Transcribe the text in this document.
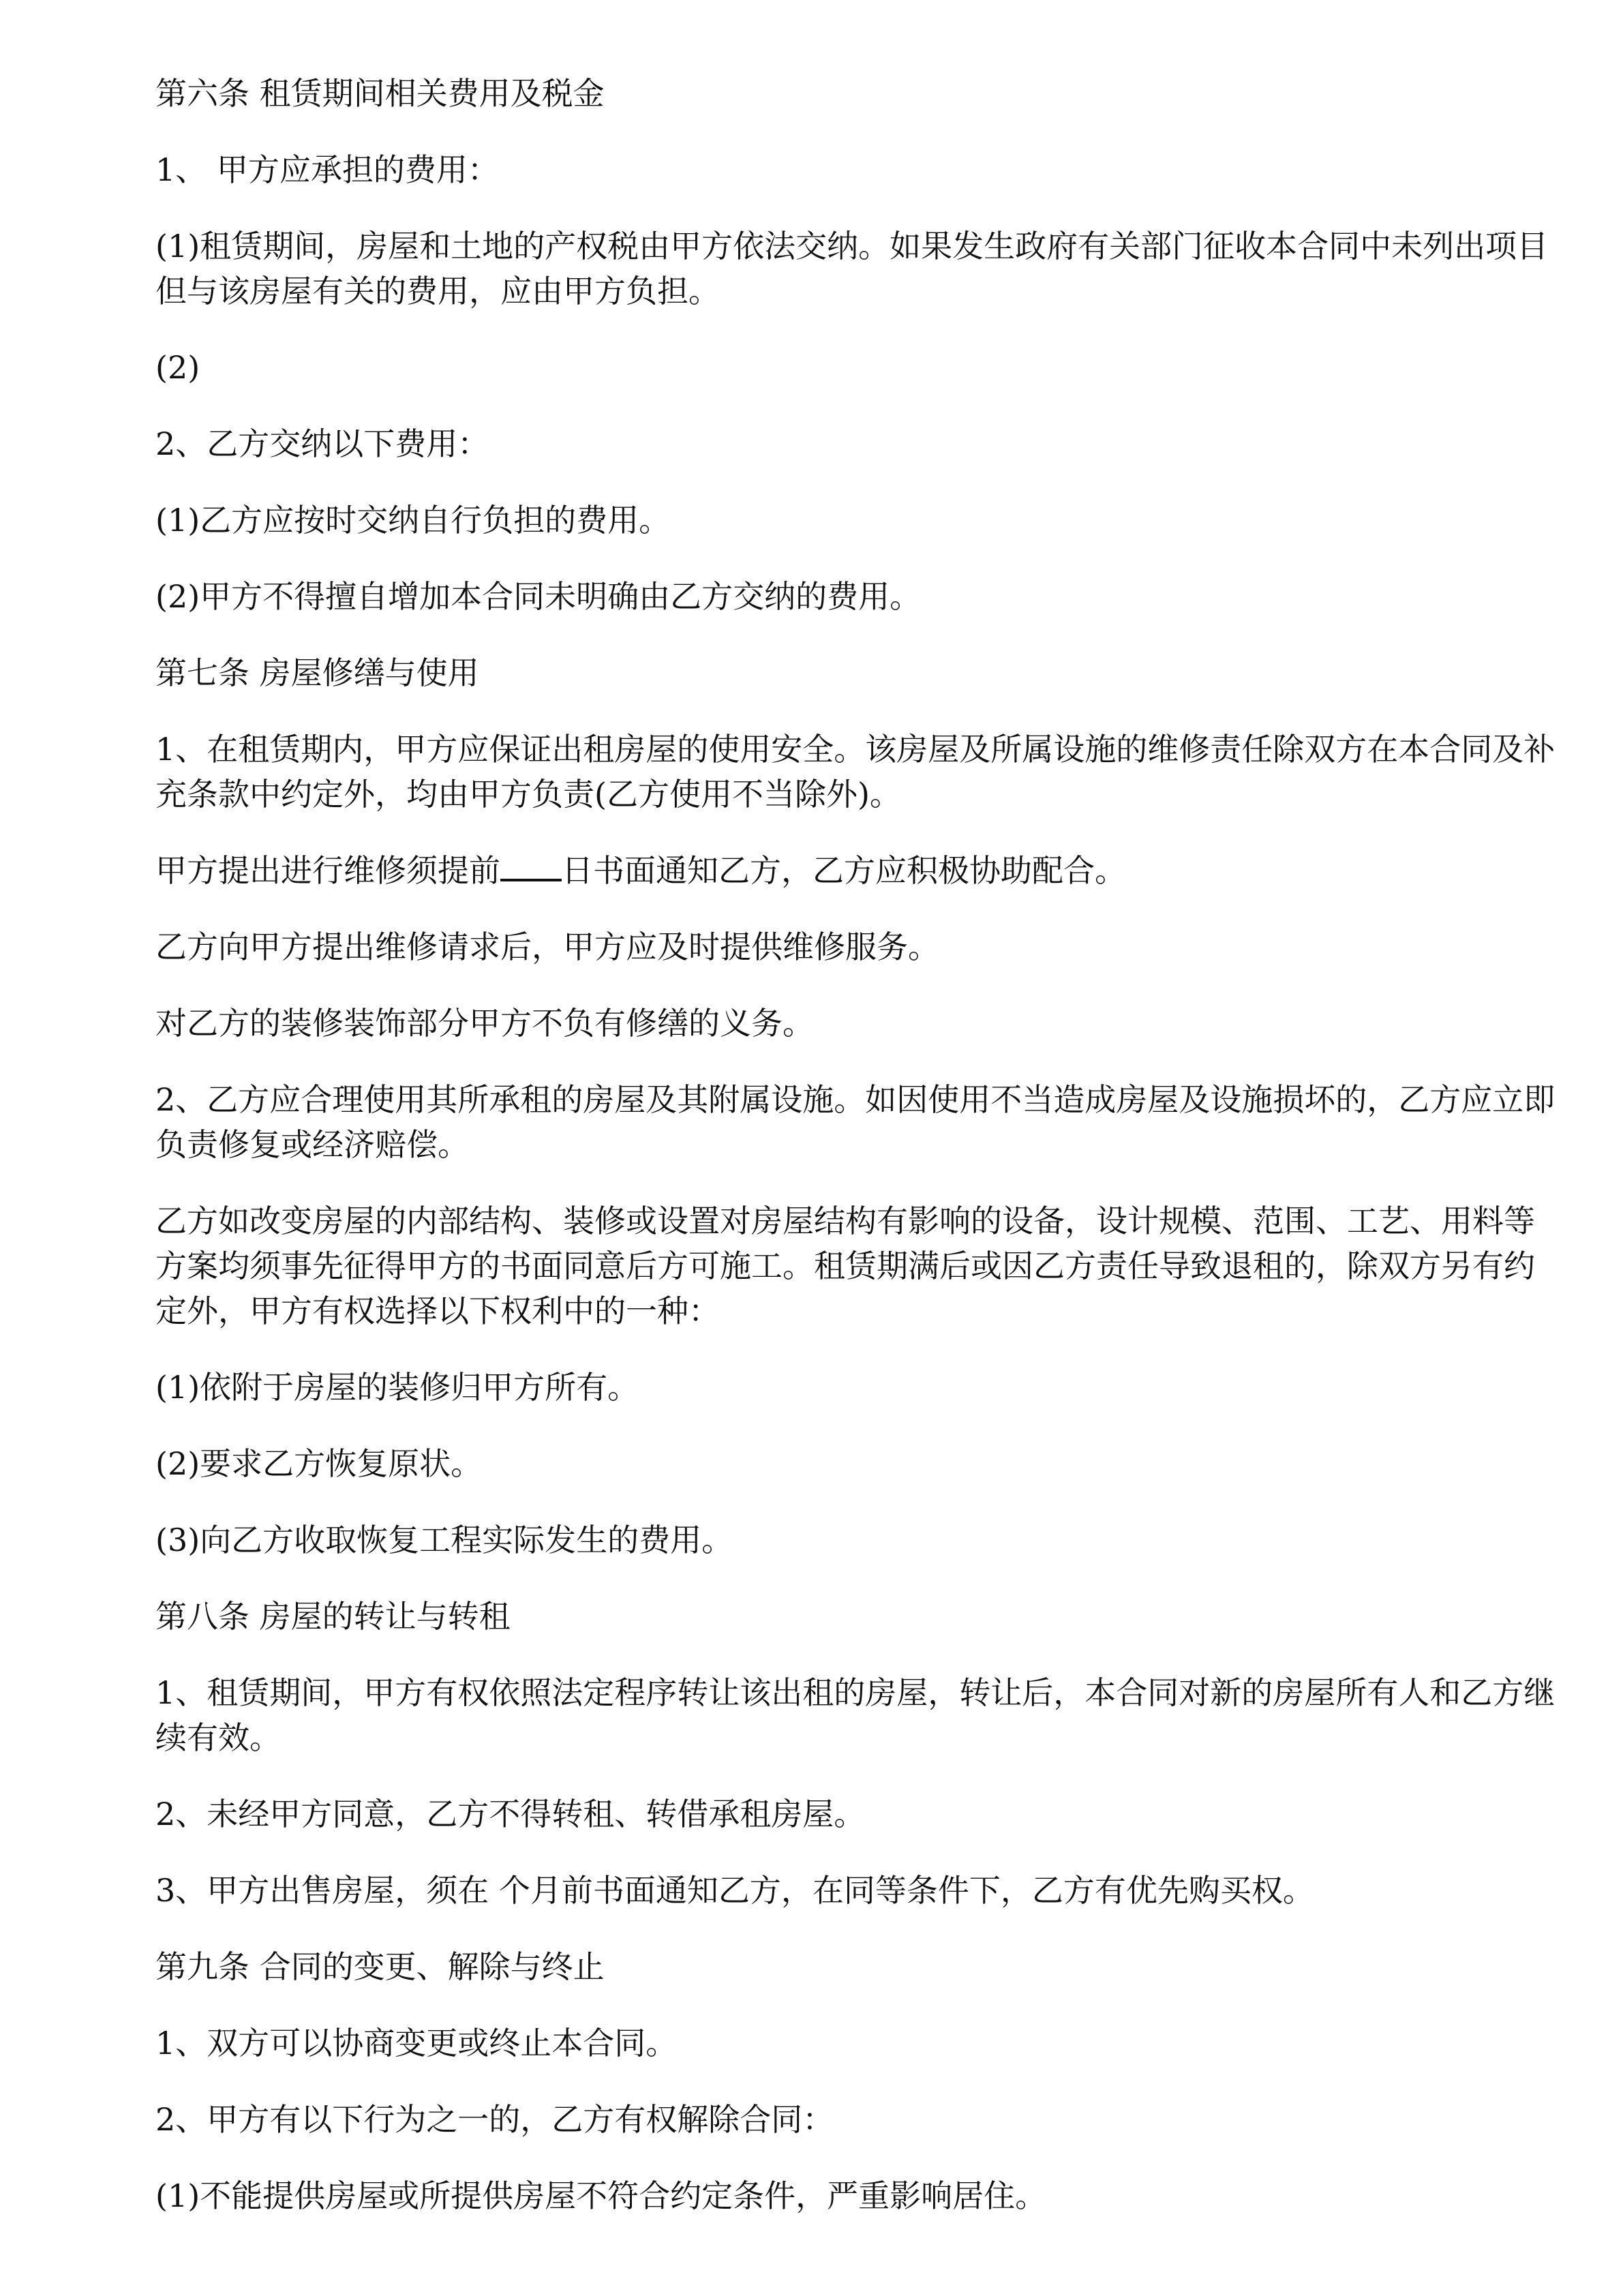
第六条 租赁期间相关费用及税金

1、 甲方应承担的费用：

(1)租赁期间，房屋和土地的产权税由甲方依法交纳。如果发生政府有关部门征收本合同中未列出项目但与该房屋有关的费用，应由甲方负担。

(2)

2、乙方交纳以下费用：

(1)乙方应按时交纳自行负担的费用。

(2)甲方不得擅自增加本合同未明确由乙方交纳的费用。

第七条 房屋修缮与使用

1、在租赁期内，甲方应保证出租房屋的使用安全。该房屋及所属设施的维修责任除双方在本合同及补充条款中约定外，均由甲方负责(乙方使用不当除外)。

甲方提出进行维修须提前 日书面通知乙方，乙方应积极协助配合。

乙方向甲方提出维修请求后，甲方应及时提供维修服务。

对乙方的装修装饰部分甲方不负有修缮的义务。

2、乙方应合理使用其所承租的房屋及其附属设施。如因使用不当造成房屋及设施损坏的，乙方应立即负责修复或经济赔偿。

乙方如改变房屋的内部结构、装修或设置对房屋结构有影响的设备，设计规模、范围、工艺、用料等方案均须事先征得甲方的书面同意后方可施工。租赁期满后或因乙方责任导致退租的，除双方另有约定外，甲方有权选择以下权利中的一种：

(1)依附于房屋的装修归甲方所有。

(2)要求乙方恢复原状。

(3)向乙方收取恢复工程实际发生的费用。

第八条 房屋的转让与转租

1、租赁期间，甲方有权依照法定程序转让该出租的房屋，转让后，本合同对新的房屋所有人和乙方继续有效。

2、未经甲方同意，乙方不得转租、转借承租房屋。

3、甲方出售房屋，须在 个月前书面通知乙方，在同等条件下，乙方有优先购买权。

第九条 合同的变更、解除与终止

1、双方可以协商变更或终止本合同。

2、甲方有以下行为之一的，乙方有权解除合同：

(1)不能提供房屋或所提供房屋不符合约定条件，严重影响居住。
